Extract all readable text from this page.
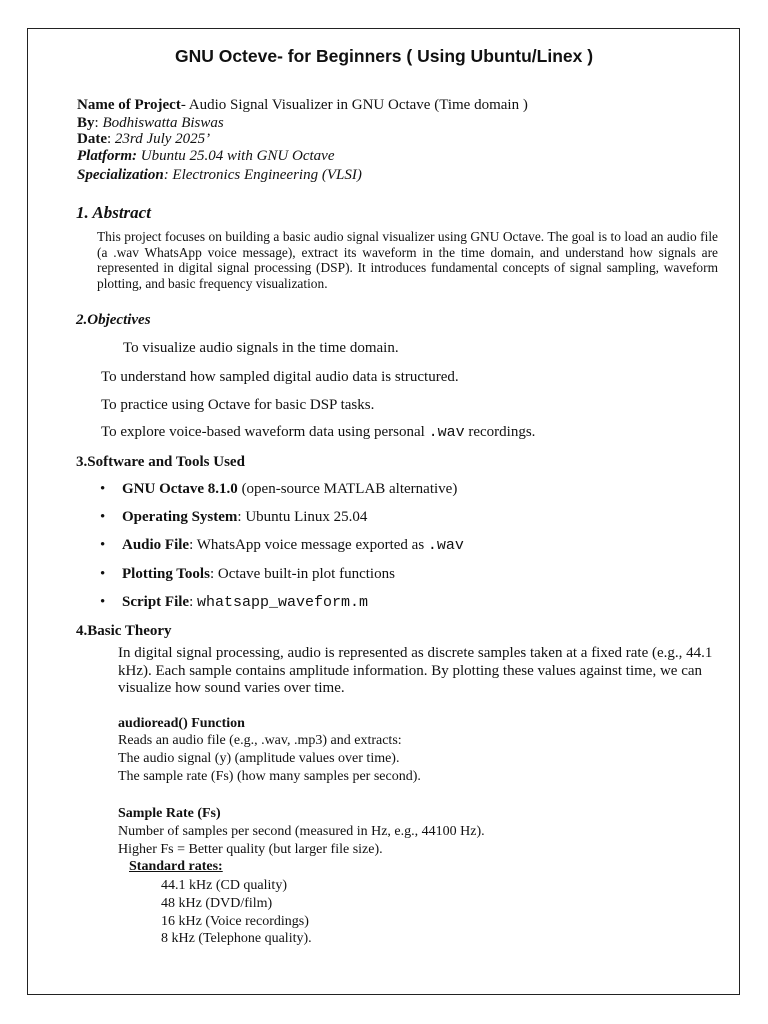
GNU Octeve- for Beginners ( Using Ubuntu/Linex )
Name of Project- Audio Signal Visualizer in GNU Octave (Time domain )
By: Bodhiswatta Biswas
Date: 23rd July 2025’
Platform: Ubuntu 25.04 with GNU Octave
Specialization: Electronics Engineering (VLSI)
1. Abstract
This project focuses on building a basic audio signal visualizer using GNU Octave. The goal is to load an audio file (a .wav WhatsApp voice message), extract its waveform in the time domain, and understand how signals are represented in digital signal processing (DSP). It introduces fundamental concepts of signal sampling, waveform plotting, and basic frequency visualization.
2.Objectives
To visualize audio signals in the time domain.
To understand how sampled digital audio data is structured.
To practice using Octave for basic DSP tasks.
To explore voice-based waveform data using personal .wav recordings.
3.Software and Tools Used
• GNU Octave 8.1.0 (open-source MATLAB alternative)
• Operating System: Ubuntu Linux 25.04
• Audio File: WhatsApp voice message exported as .wav
• Plotting Tools: Octave built-in plot functions
• Script File: whatsapp_waveform.m
4.Basic Theory
In digital signal processing, audio is represented as discrete samples taken at a fixed rate (e.g., 44.1 kHz). Each sample contains amplitude information. By plotting these values against time, we can visualize how sound varies over time.
audioread() Function
Reads an audio file (e.g., .wav, .mp3) and extracts:
The audio signal (y) (amplitude values over time).
The sample rate (Fs) (how many samples per second).
Sample Rate (Fs)
Number of samples per second (measured in Hz, e.g., 44100 Hz).
Higher Fs = Better quality (but larger file size).
Standard rates:
44.1 kHz (CD quality)
48 kHz (DVD/film)
16 kHz (Voice recordings)
8 kHz (Telephone quality).
